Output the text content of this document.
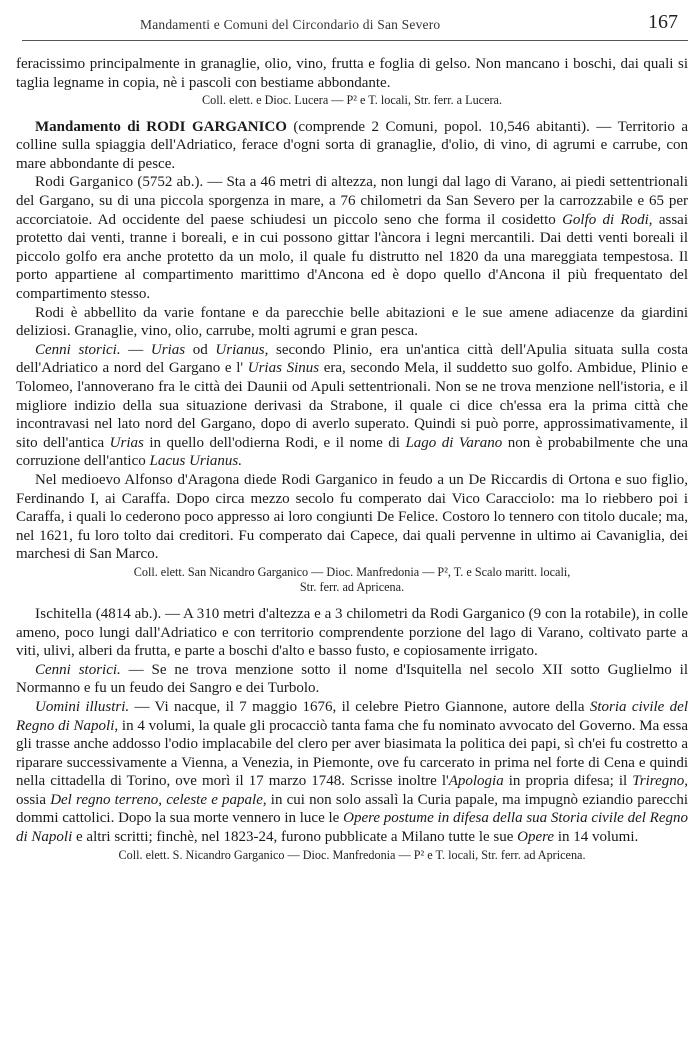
Mandamenti e Comuni del Circondario di San Severo	167

feracissimo principalmente in granaglie, olio, vino, frutta e foglia di gelso. Non mancano i boschi, dai quali si taglia legname in copia, nè i pascoli con bestiame abbondante.

Coll. elett. e Dioc. Lucera — P² e T. locali, Str. ferr. a Lucera.

Mandamento di RODI GARGANICO (comprende 2 Comuni, popol. 10,546 abitanti). — Territorio a colline sulla spiaggia dell'Adriatico, ferace d'ogni sorta di granaglie, d'olio, di vino, di agrumi e carrube, con mare abbondante di pesce.

Rodi Garganico (5752 ab.). — Sta a 46 metri di altezza, non lungi dal lago di Varano, ai piedi settentrionali del Gargano, su di una piccola sporgenza in mare, a 76 chilometri da San Severo per la carrozzabile e 65 per accorciatoie. Ad occidente del paese schiudesi un piccolo seno che forma il cosidetto Golfo di Rodi, assai protetto dai venti, tranne i boreali, e in cui possono gittar l'àncora i legni mercantili. Dai detti venti boreali il piccolo golfo era anche protetto da un molo, il quale fu distrutto nel 1820 da una mareggiata tempestosa. Il porto appartiene al compartimento marittimo d'Ancona ed è dopo quello d'Ancona il più frequentato del compartimento stesso.

Rodi è abbellito da varie fontane e da parecchie belle abitazioni e le sue amene adiacenze da giardini deliziosi. Granaglie, vino, olio, carrube, molti agrumi e gran pesca.

Cenni storici. — Urias od Urianus, secondo Plinio, era un'antica città dell'Apulia situata sulla costa dell'Adriatico a nord del Gargano e l' Urias Sinus era, secondo Mela, il suddetto suo golfo. Ambidue, Plinio e Tolomeo, l'annoverano fra le città dei Daunii od Apuli settentrionali. Non se ne trova menzione nell'istoria, e il migliore indizio della sua situazione derivasi da Strabone, il quale ci dice ch'essa era la prima città che incontravasi nel lato nord del Gargano, dopo di averlo superato. Quindi si può porre, approssimativamente, il sito dell'antica Urias in quello dell'odierna Rodi, e il nome di Lago di Varano non è probabilmente che una corruzione dell'antico Lacus Urianus.

Nel medioevo Alfonso d'Aragona diede Rodi Garganico in feudo a un De Riccardis di Ortona e suo figlio, Ferdinando I, ai Caraffa. Dopo circa mezzo secolo fu comperato dai Vico Caracciolo: ma lo riebbero poi i Caraffa, i quali lo cederono poco appresso ai loro congiunti De Felice. Costoro lo tennero con titolo ducale; ma, nel 1621, fu loro tolto dai creditori. Fu comperato dai Capece, dai quali pervenne in ultimo ai Cavaniglia, dei marchesi di San Marco.

Coll. elett. San Nicandro Garganico — Dioc. Manfredonia — P², T. e Scalo maritt. locali,
Str. ferr. ad Apricena.

Ischitella (4814 ab.). — A 310 metri d'altezza e a 3 chilometri da Rodi Garganico (9 con la rotabile), in colle ameno, poco lungi dall'Adriatico e con territorio comprendente porzione del lago di Varano, coltivato parte a viti, ulivi, alberi da frutta, e parte a boschi d'alto e basso fusto, e copiosamente irrigato.

Cenni storici. — Se ne trova menzione sotto il nome d'Isquitella nel secolo XII sotto Guglielmo il Normanno e fu un feudo dei Sangro e dei Turbolo.

Uomini illustri. — Vi nacque, il 7 maggio 1676, il celebre Pietro Giannone, autore della Storia civile del Regno di Napoli, in 4 volumi, la quale gli procacciò tanta fama che fu nominato avvocato del Governo. Ma essa gli trasse anche addosso l'odio implacabile del clero per aver biasimata la politica dei papi, sì ch'ei fu costretto a riparare successivamente a Vienna, a Venezia, in Piemonte, ove fu carcerato in prima nel forte di Cena e quindi nella cittadella di Torino, ove morì il 17 marzo 1748. Scrisse inoltre l'Apologia in propria difesa; il Triregno, ossia Del regno terreno, celeste e papale, in cui non solo assalì la Curia papale, ma impugnò eziandio parecchi dommi cattolici. Dopo la sua morte vennero in luce le Opere postume in difesa della sua Storia civile del Regno di Napoli e altri scritti; finchè, nel 1823-24, furono pubblicate a Milano tutte le sue Opere in 14 volumi.

Coll. elett. S. Nicandro Garganico — Dioc. Manfredonia — P² e T. locali, Str. ferr. ad Apricena.
